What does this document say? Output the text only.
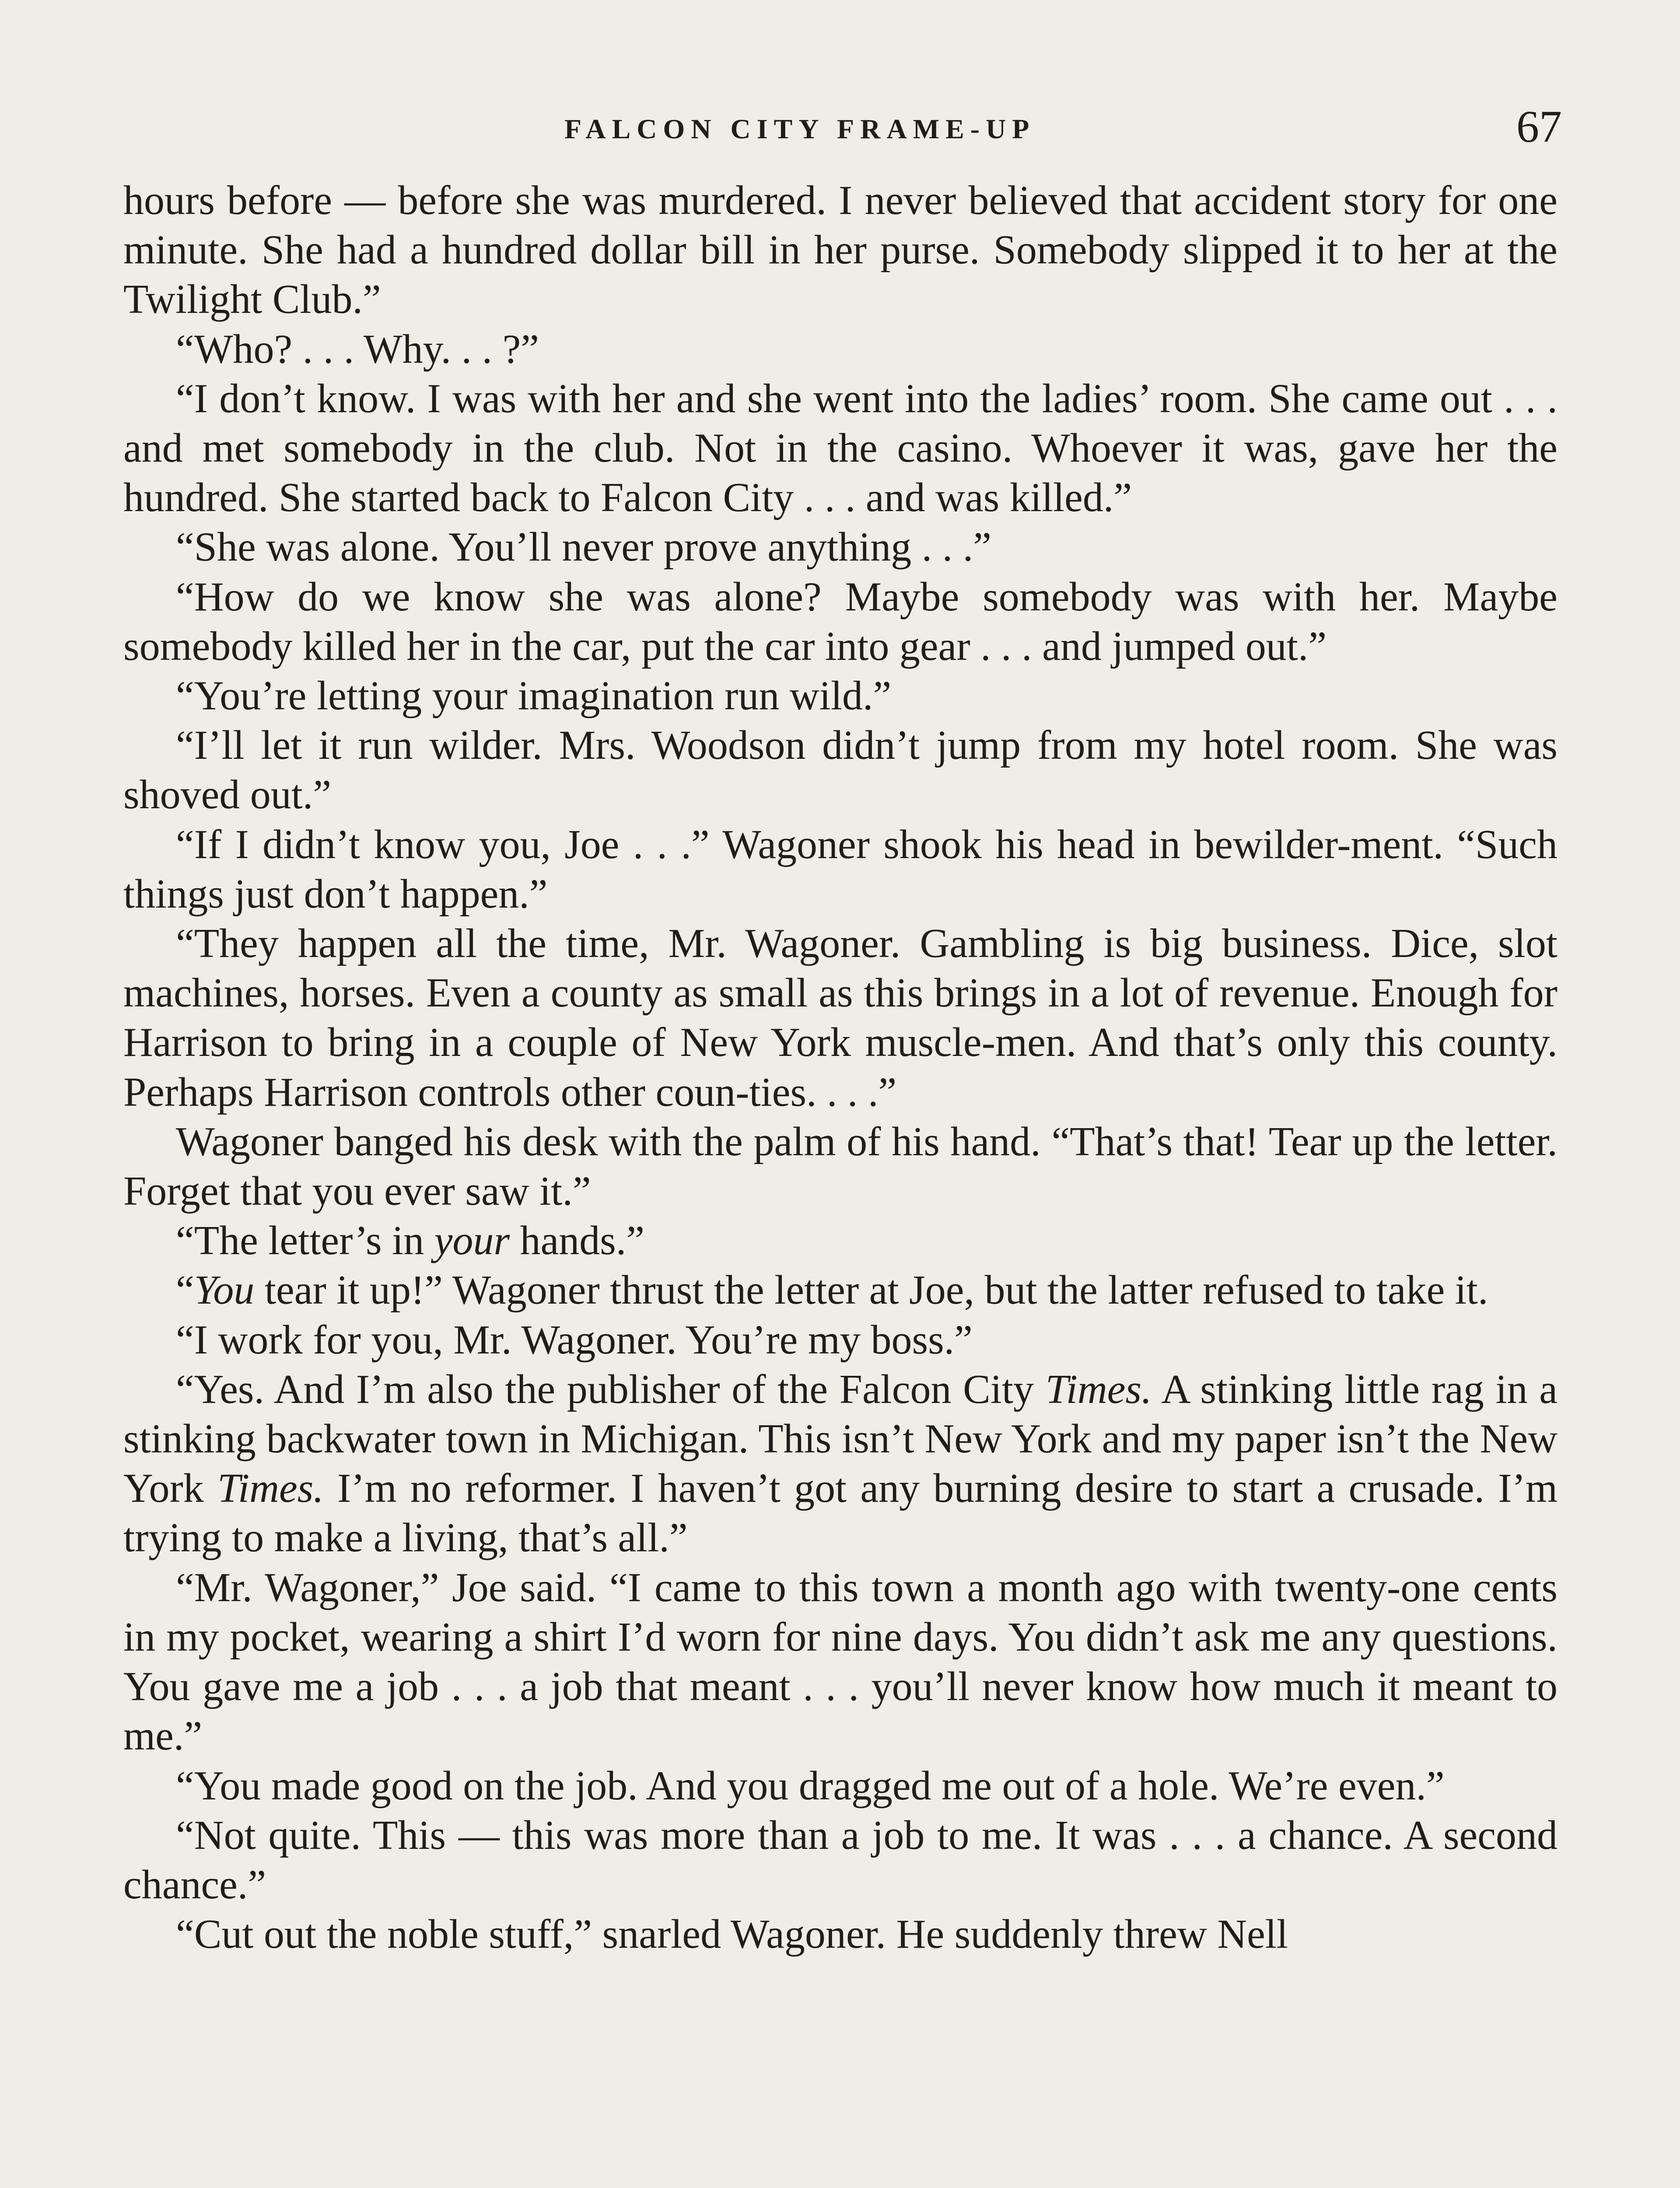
FALCON CITY FRAME-UP	67

hours before — before she was murdered. I never believed that accident story for one minute. She had a hundred dollar bill in her purse. Somebody slipped it to her at the Twilight Club.”

“Who? . . . Why. . . ?”

“I don’t know. I was with her and she went into the ladies’ room. She came out . . . and met somebody in the club. Not in the casino. Whoever it was, gave her the hundred. She started back to Falcon City . . . and was killed.”

“She was alone. You’ll never prove anything . . .”

“How do we know she was alone? Maybe somebody was with her. Maybe somebody killed her in the car, put the car into gear . . . and jumped out.”

“You’re letting your imagination run wild.”

“I’ll let it run wilder. Mrs. Woodson didn’t jump from my hotel room. She was shoved out.”

“If I didn’t know you, Joe . . .” Wagoner shook his head in bewilder-ment. “Such things just don’t happen.”

“They happen all the time, Mr. Wagoner. Gambling is big business. Dice, slot machines, horses. Even a county as small as this brings in a lot of revenue. Enough for Harrison to bring in a couple of New York muscle-men. And that’s only this county. Perhaps Harrison controls other coun-ties. . . .”

Wagoner banged his desk with the palm of his hand. “That’s that! Tear up the letter. Forget that you ever saw it.”

“The letter’s in your hands.”

“You tear it up!” Wagoner thrust the letter at Joe, but the latter refused to take it.

“I work for you, Mr. Wagoner. You’re my boss.”

“Yes. And I’m also the publisher of the Falcon City Times. A stinking little rag in a stinking backwater town in Michigan. This isn’t New York and my paper isn’t the New York Times. I’m no reformer. I haven’t got any burning desire to start a crusade. I’m trying to make a living, that’s all.”

“Mr. Wagoner,” Joe said. “I came to this town a month ago with twenty-one cents in my pocket, wearing a shirt I’d worn for nine days. You didn’t ask me any questions. You gave me a job . . . a job that meant . . . you’ll never know how much it meant to me.”

“You made good on the job. And you dragged me out of a hole. We’re even.”

“Not quite. This — this was more than a job to me. It was . . . a chance. A second chance.”

“Cut out the noble stuff,” snarled Wagoner. He suddenly threw Nell
